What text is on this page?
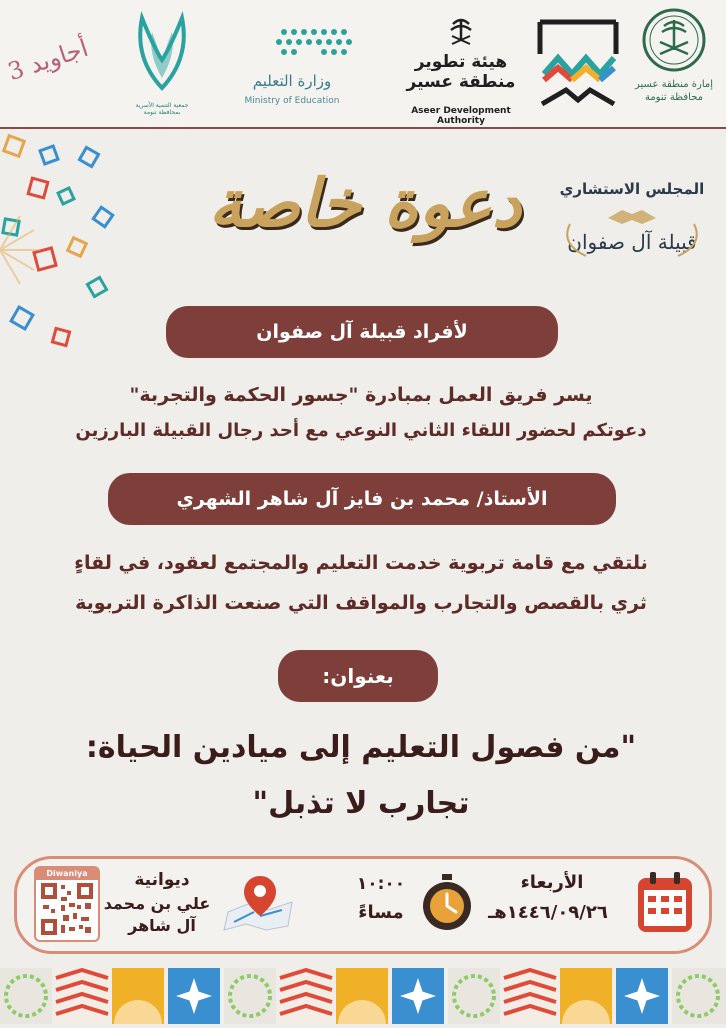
إمارة منطقة عسير
محافظة تنومة
هيئة تطوير
منطقة عسير
Aseer Development Authority
وزارة التعليم
Ministry of Education
جمعية التنمية الأسرية بمحافظة تنومة
أجاويد 3
دعوة خاصة	المجلس الاستشاري
قبيلة آل صفوان
لأفراد قبيلة آل صفوان
يسر فريق العمل بمبادرة "جسور الحكمة والتجربة"
دعوتكم لحضور اللقاء الثاني النوعي مع أحد رجال القبيلة البارزين
الأستاذ/ محمد بن فايز آل شاهر الشهري
نلتقي مع قامة تربوية خدمت التعليم والمجتمع لعقود، في لقاءٍ
ثري بالقصص والتجارب والمواقف التي صنعت الذاكرة التربوية
بعنوان:
"من فصول التعليم إلى ميادين الحياة:
تجارب لا تذبل"
Diwaniya	ديوانية
علي بن محمد
آل شاهر
١٠:٠٠
مساءً
الأربعاء
١٤٤٦/٠٩/٢٦هـ
